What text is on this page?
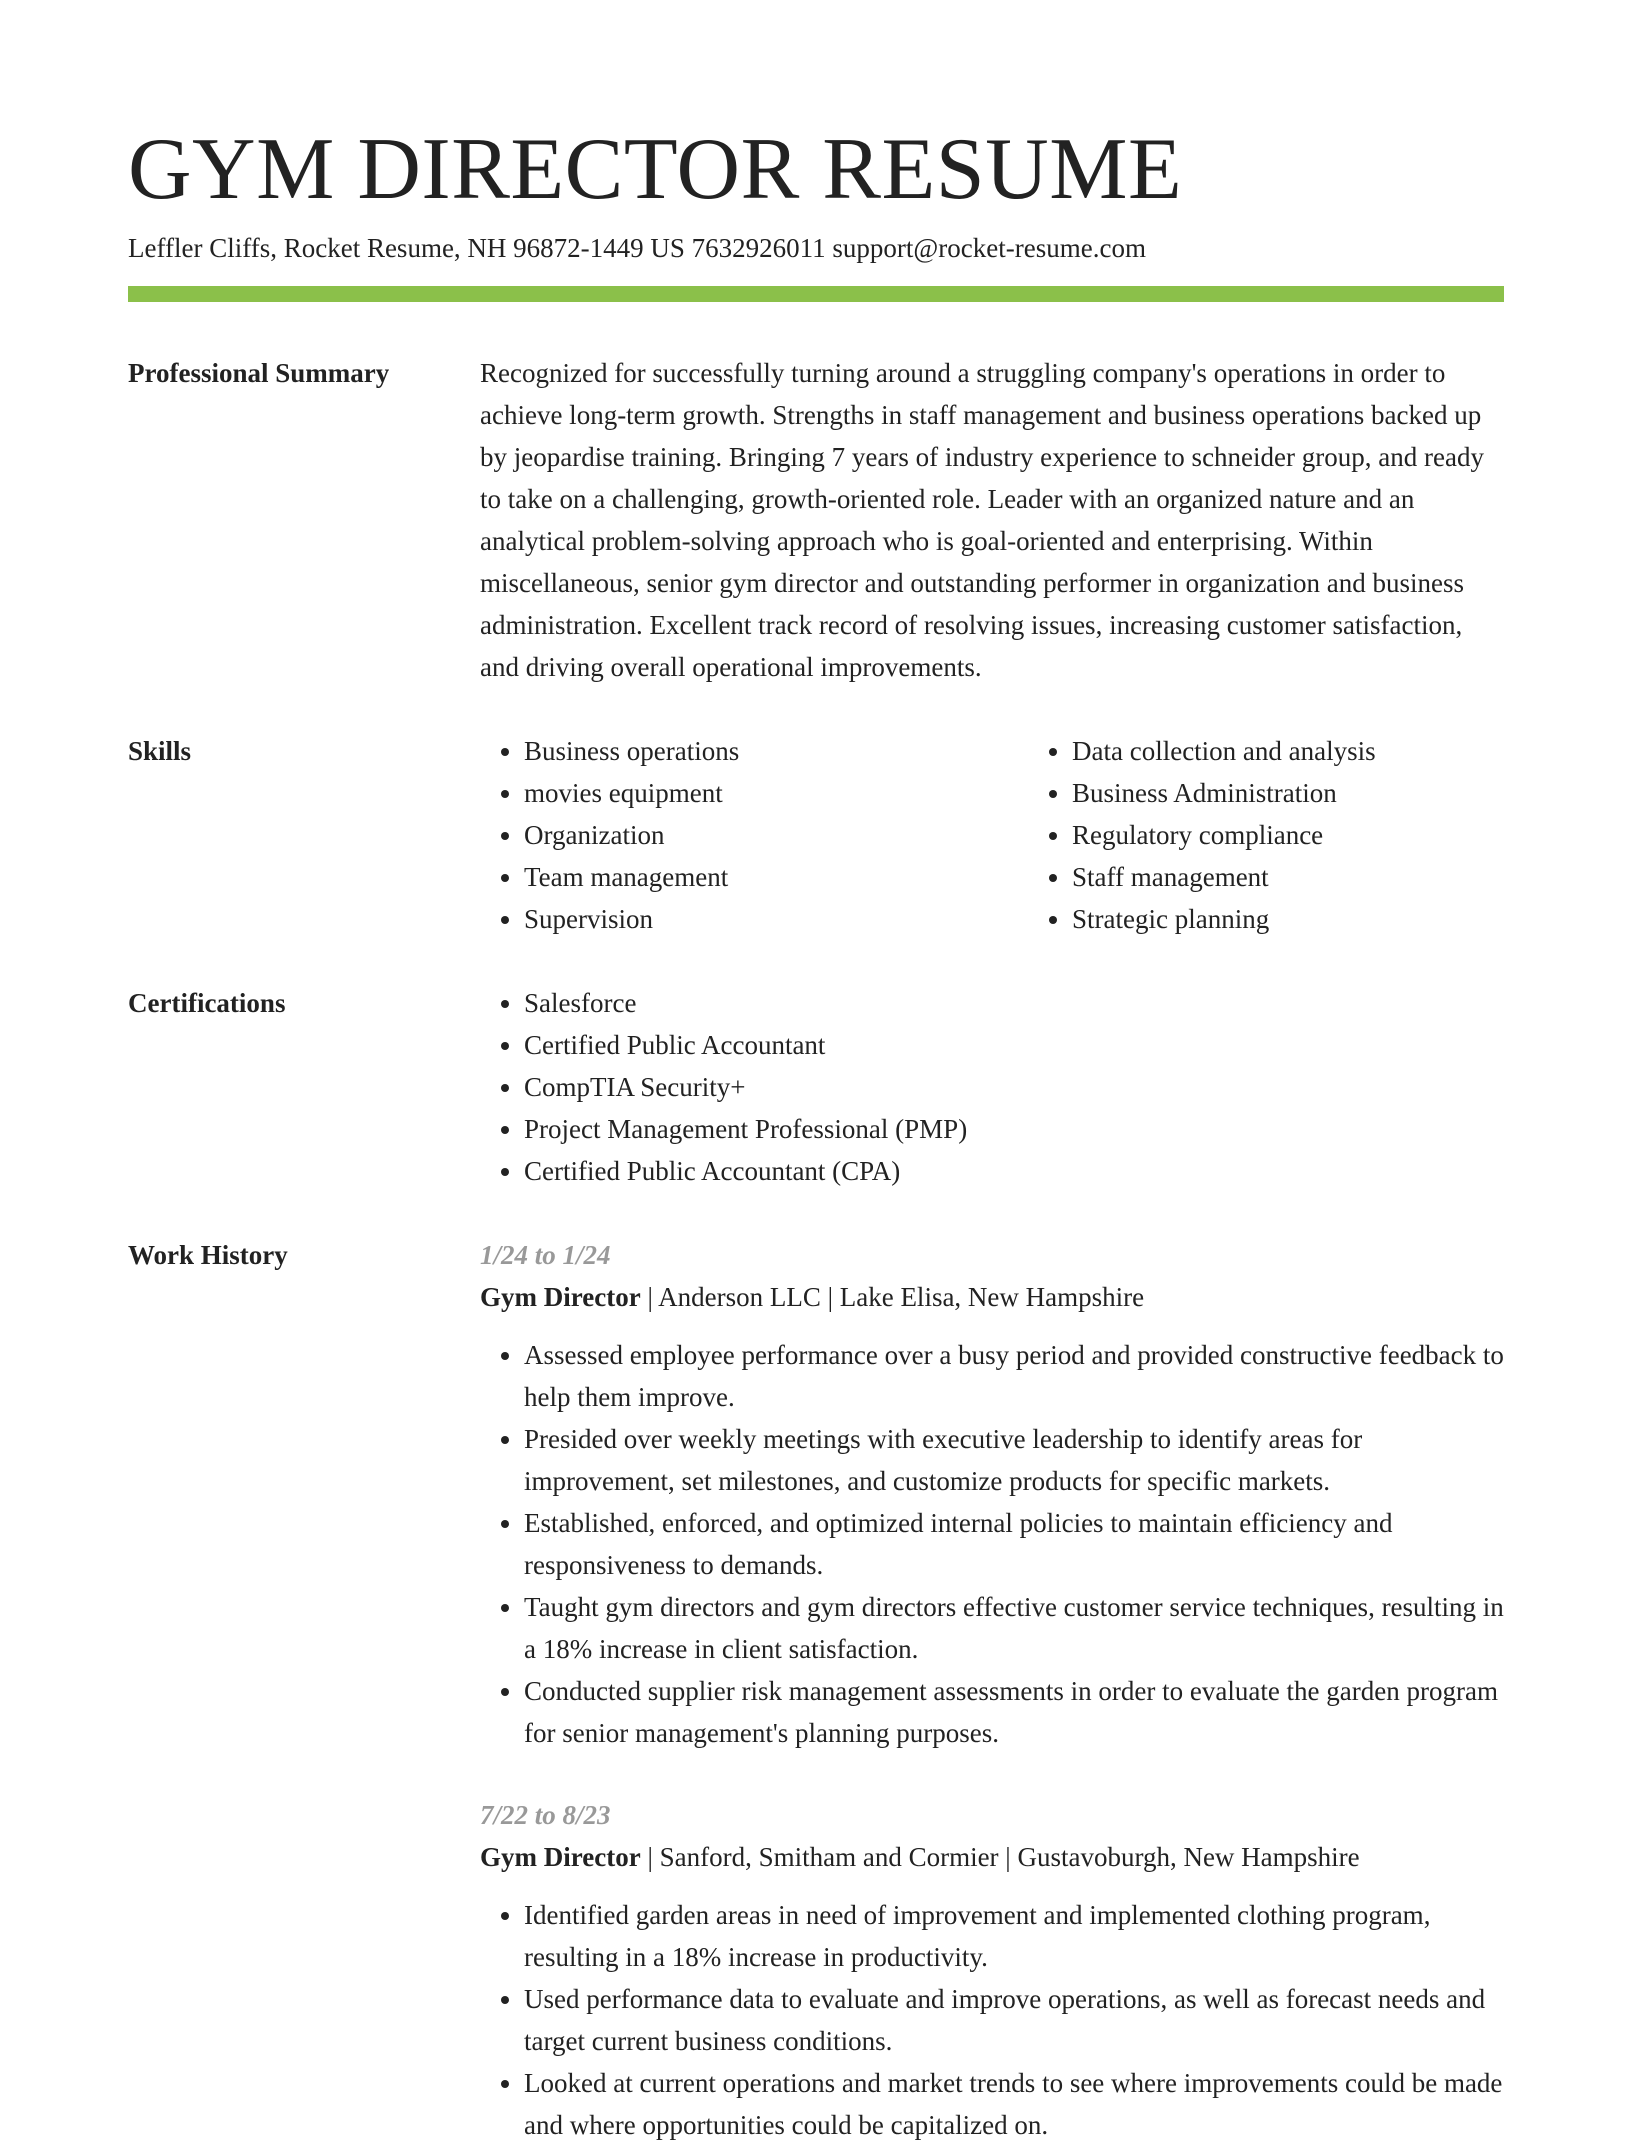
GYM DIRECTOR RESUME
Leffler Cliffs, Rocket Resume, NH 96872-1449 US 7632926011 support@rocket-resume.com
Professional Summary	Recognized for successfully turning around a struggling company's operations in order to achieve long-term growth. Strengths in staff management and business operations backed up by jeopardise training. Bringing 7 years of industry experience to schneider group, and ready to take on a challenging, growth-oriented role. Leader with an organized nature and an analytical problem-solving approach who is goal-oriented and enterprising. Within miscellaneous, senior gym director and outstanding performer in organization and business administration. Excellent track record of resolving issues, increasing customer satisfaction, and driving overall operational improvements.

Skills	• Business operations
• movies equipment
• Organization
• Team management
• Supervision
• Data collection and analysis
• Business Administration
• Regulatory compliance
• Staff management
• Strategic planning
Certifications	• Salesforce
• Certified Public Accountant
• CompTIA Security+
• Project Management Professional (PMP)
• Certified Public Accountant (CPA)
Work History	1/24 to 1/24
Gym Director | Anderson LLC | Lake Elisa, New Hampshire
• Assessed employee performance over a busy period and provided constructive feedback to help them improve.
• Presided over weekly meetings with executive leadership to identify areas for improvement, set milestones, and customize products for specific markets.
• Established, enforced, and optimized internal policies to maintain efficiency and responsiveness to demands.
• Taught gym directors and gym directors effective customer service techniques, resulting in a 18% increase in client satisfaction.
• Conducted supplier risk management assessments in order to evaluate the garden program for senior management's planning purposes.
7/22 to 8/23
Gym Director | Sanford, Smitham and Cormier | Gustavoburgh, New Hampshire
• Identified garden areas in need of improvement and implemented clothing program, resulting in a 18% increase in productivity.
• Used performance data to evaluate and improve operations, as well as forecast needs and target current business conditions.
• Looked at current operations and market trends to see where improvements could be made and where opportunities could be capitalized on.
